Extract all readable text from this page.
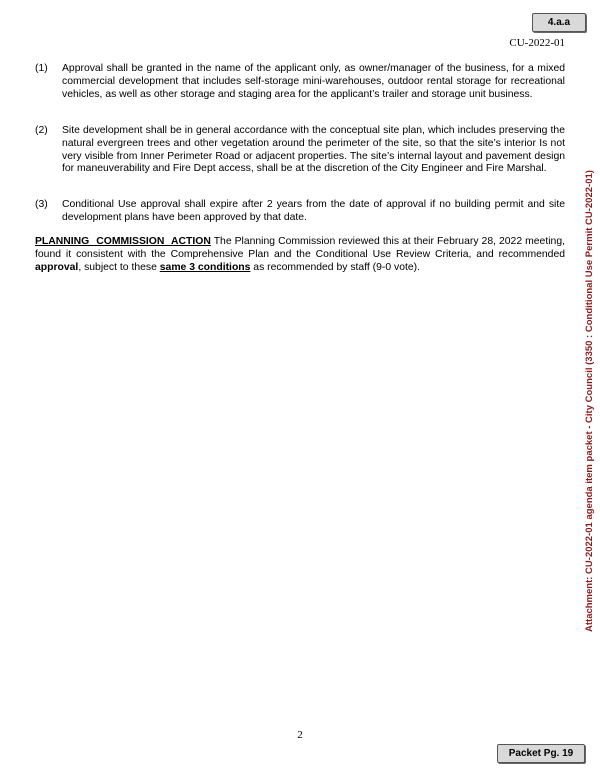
4.a.a
CU-2022-01
(1) Approval shall be granted in the name of the applicant only, as owner/manager of the business, for a mixed commercial development that includes self-storage mini-warehouses, outdoor rental storage for recreational vehicles, as well as other storage and staging area for the applicant’s trailer and storage unit business.
(2) Site development shall be in general accordance with the conceptual site plan, which includes preserving the natural evergreen trees and other vegetation around the perimeter of the site, so that the site’s interior Is not very visible from Inner Perimeter Road or adjacent properties. The site’s internal layout and pavement design for maneuverability and Fire Dept access, shall be at the discretion of the City Engineer and Fire Marshal.
(3) Conditional Use approval shall expire after 2 years from the date of approval if no building permit and site development plans have been approved by that date.
PLANNING COMMISSION ACTION The Planning Commission reviewed this at their February 28, 2022 meeting, found it consistent with the Comprehensive Plan and the Conditional Use Review Criteria, and recommended approval, subject to these same 3 conditions as recommended by staff (9-0 vote).	Attachment: CU-2022-01 agenda item packet - City Council (3350 : Conditional Use Permit CU-2022-01)
2
Packet Pg. 19
